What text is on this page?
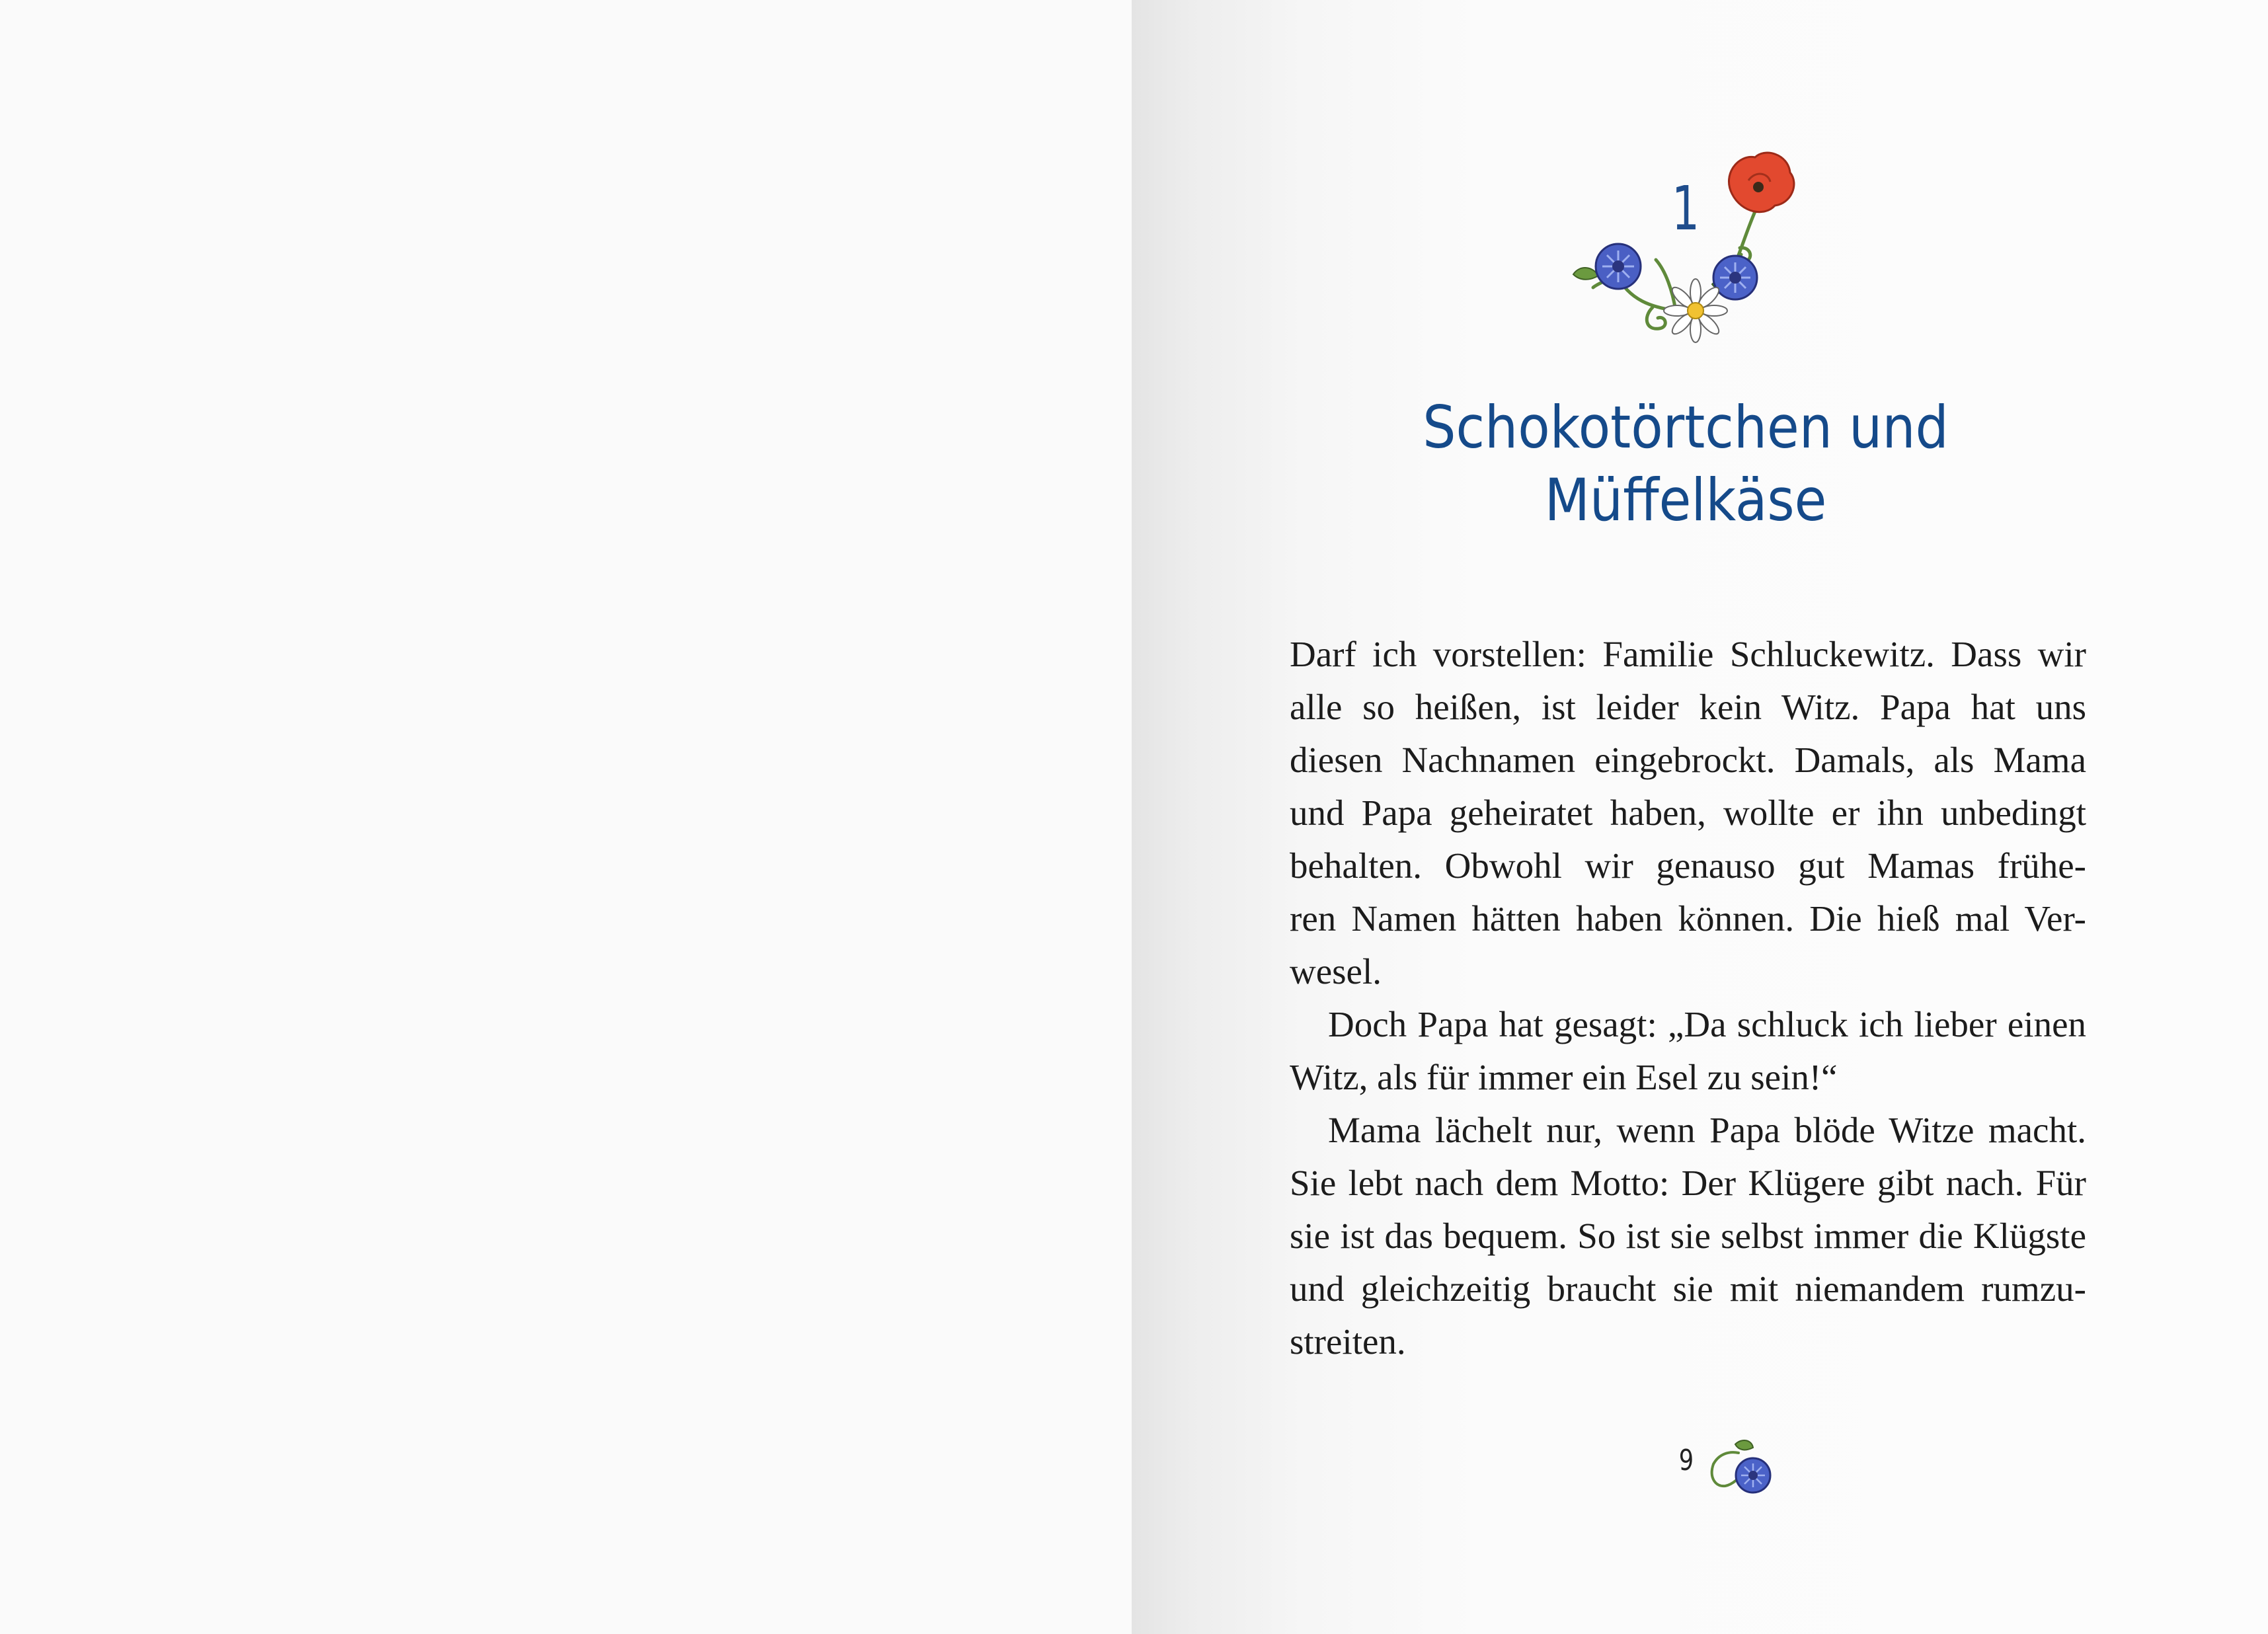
1
Schokotörtchen und Müffelkäse

Darf ich vorstellen: Familie Schluckewitz. Dass wir
alle so heißen, ist leider kein Witz. Papa hat uns
diesen Nachnamen eingebrockt. Damals, als Mama
und Papa geheiratet haben, wollte er ihn unbedingt
behalten. Obwohl wir genauso gut Mamas frühe-
ren Namen hätten haben können. Die hieß mal Ver-
wesel.

Doch Papa hat gesagt: „Da schluck ich lieber einen
Witz, als für immer ein Esel zu sein!“

Mama lächelt nur, wenn Papa blöde Witze macht.
Sie lebt nach dem Motto: Der Klügere gibt nach. Für
sie ist das bequem. So ist sie selbst immer die Klügste
und gleichzeitig braucht sie mit niemandem rumzu-
streiten.

9
